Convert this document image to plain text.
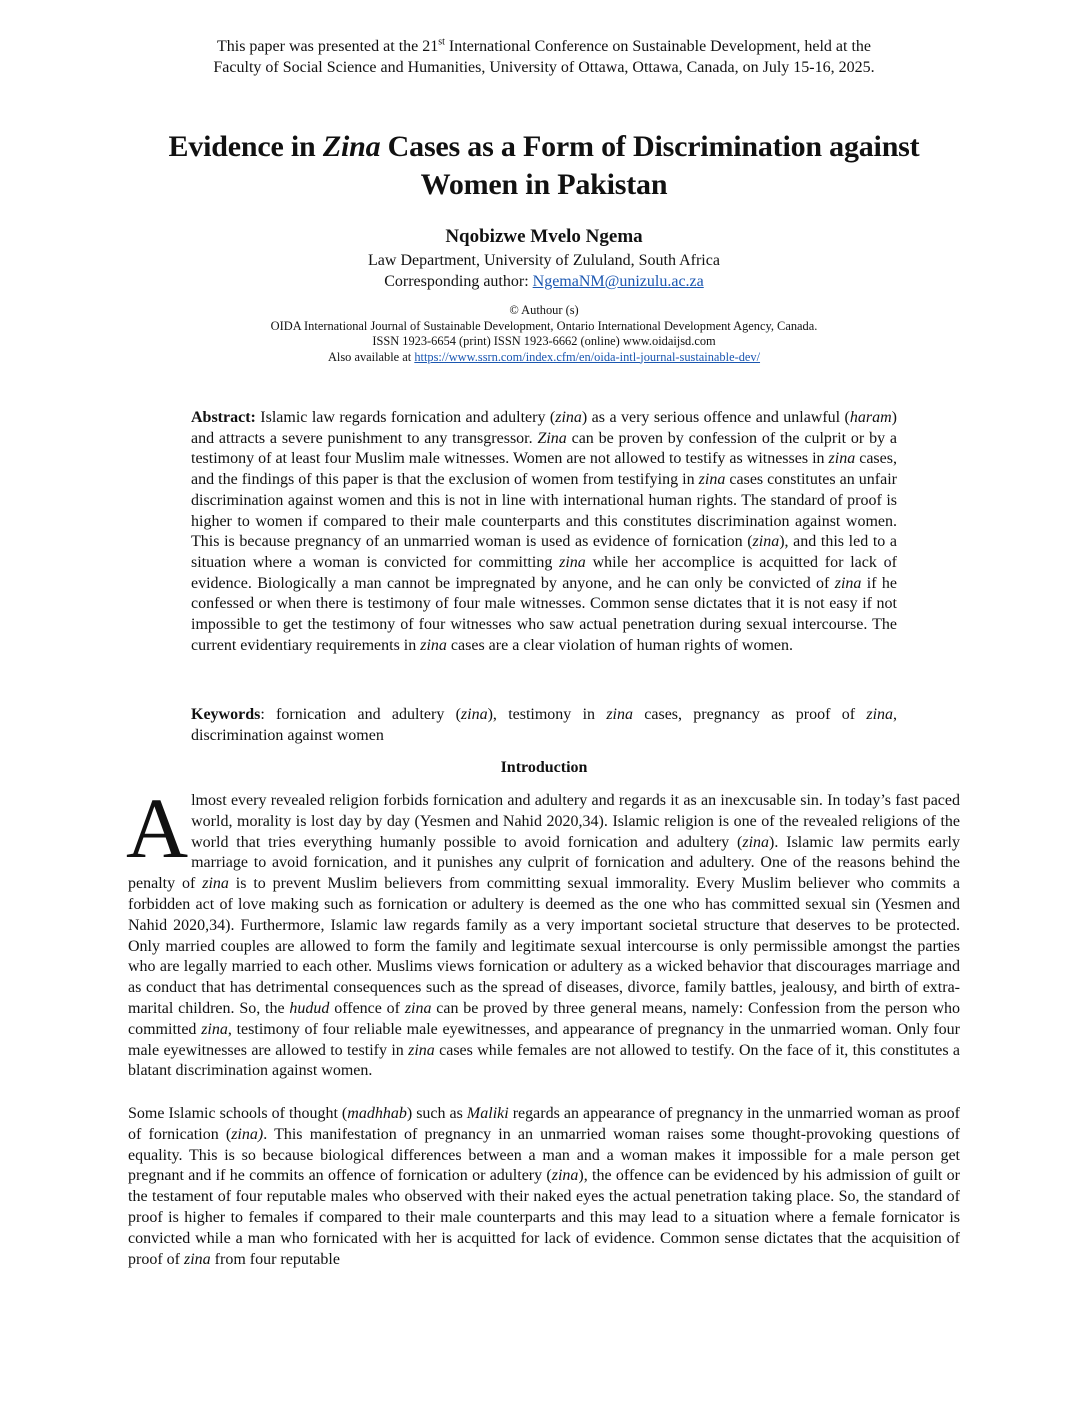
This paper was presented at the 21st International Conference on Sustainable Development, held at the
Faculty of Social Science and Humanities, University of Ottawa, Ottawa, Canada, on July 15-16, 2025.
Evidence in Zina Cases as a Form of Discrimination against
Women in Pakistan
Nqobizwe Mvelo Ngema
Law Department, University of Zululand, South Africa
Corresponding author: NgemaNM@unizulu.ac.za
© Authour (s)
OIDA International Journal of Sustainable Development, Ontario International Development Agency, Canada.
ISSN 1923-6654 (print) ISSN 1923-6662 (online) www.oidaijsd.com
Also available at https://www.ssrn.com/index.cfm/en/oida-intl-journal-sustainable-dev/
Abstract: Islamic law regards fornication and adultery (zina) as a very serious offence and unlawful (haram) and attracts a severe punishment to any transgressor. Zina can be proven by confession of the culprit or by a testimony of at least four Muslim male witnesses. Women are not allowed to testify as witnesses in zina cases, and the findings of this paper is that the exclusion of women from testifying in zina cases constitutes an unfair discrimination against women and this is not in line with international human rights. The standard of proof is higher to women if compared to their male counterparts and this constitutes discrimination against women. This is because pregnancy of an unmarried woman is used as evidence of fornication (zina), and this led to a situation where a woman is convicted for committing zina while her accomplice is acquitted for lack of evidence. Biologically a man cannot be impregnated by anyone, and he can only be convicted of zina if he confessed or when there is testimony of four male witnesses. Common sense dictates that it is not easy if not impossible to get the testimony of four witnesses who saw actual penetration during sexual intercourse. The current evidentiary requirements in zina cases are a clear violation of human rights of women.
Keywords: fornication and adultery (zina), testimony in zina cases, pregnancy as proof of zina, discrimination against women
Introduction
Almost every revealed religion forbids fornication and adultery and regards it as an inexcusable sin. In today’s fast paced world, morality is lost day by day (Yesmen and Nahid 2020,34). Islamic religion is one of the revealed religions of the world that tries everything humanly possible to avoid fornication and adultery (zina). Islamic law permits early marriage to avoid fornication, and it punishes any culprit of fornication and adultery. One of the reasons behind the penalty of zina is to prevent Muslim believers from committing sexual immorality. Every Muslim believer who commits a forbidden act of love making such as fornication or adultery is deemed as the one who has committed sexual sin (Yesmen and Nahid 2020,34). Furthermore, Islamic law regards family as a very important societal structure that deserves to be protected. Only married couples are allowed to form the family and legitimate sexual intercourse is only permissible amongst the parties who are legally married to each other. Muslims views fornication or adultery as a wicked behavior that discourages marriage and as conduct that has detrimental consequences such as the spread of diseases, divorce, family battles, jealousy, and birth of extra-marital children. So, the hudud offence of zina can be proved by three general means, namely: Confession from the person who committed zina, testimony of four reliable male eyewitnesses, and appearance of pregnancy in the unmarried woman. Only four male eyewitnesses are allowed to testify in zina cases while females are not allowed to testify. On the face of it, this constitutes a blatant discrimination against women.
Some Islamic schools of thought (madhhab) such as Maliki regards an appearance of pregnancy in the unmarried woman as proof of fornication (zina). This manifestation of pregnancy in an unmarried woman raises some thought-provoking questions of equality. This is so because biological differences between a man and a woman makes it impossible for a male person get pregnant and if he commits an offence of fornication or adultery (zina), the offence can be evidenced by his admission of guilt or the testament of four reputable males who observed with their naked eyes the actual penetration taking place. So, the standard of proof is higher to females if compared to their male counterparts and this may lead to a situation where a female fornicator is convicted while a man who fornicated with her is acquitted for lack of evidence. Common sense dictates that the acquisition of proof of zina from four reputable
